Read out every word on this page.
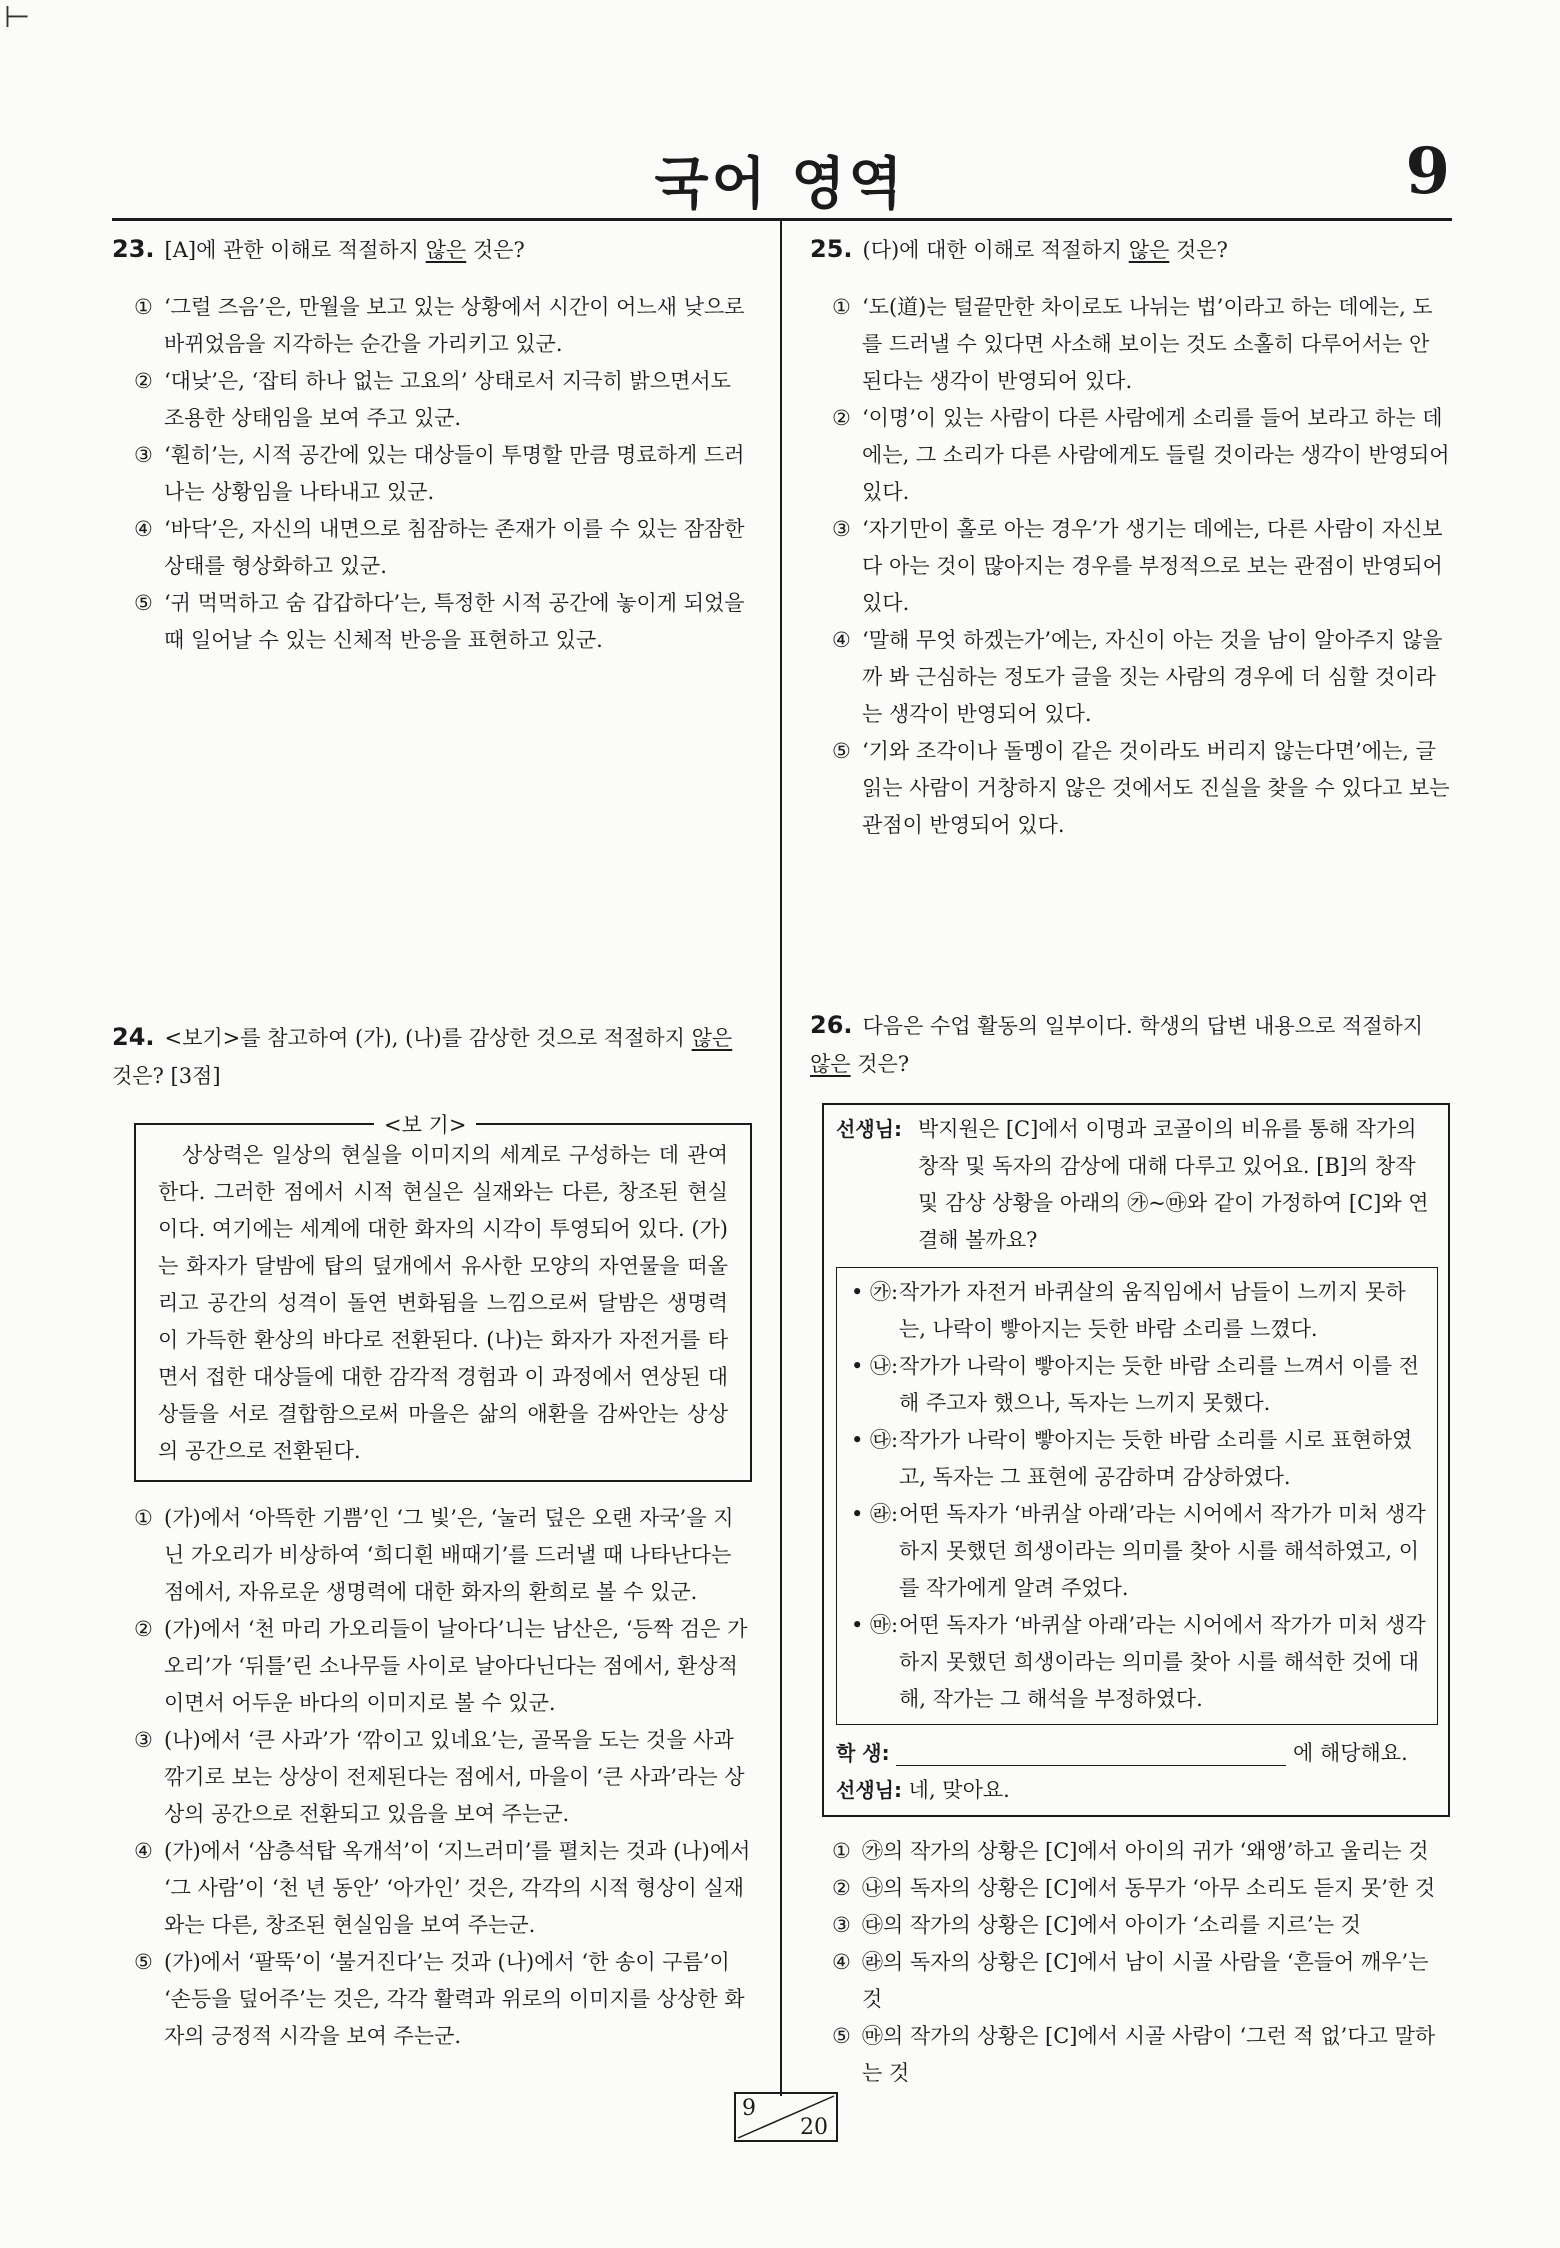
⊢
국어 영역	9
23. [A]에 관한 이해로 적절하지 않은 것은?

① ‘그럴 즈음’은, 만월을 보고 있는 상황에서 시간이 어느새 낮으로 바뀌었음을 지각하는 순간을 가리키고 있군.

② ‘대낮’은, ‘잡티 하나 없는 고요의’ 상태로서 지극히 밝으면서도 조용한 상태임을 보여 주고 있군.

③ ‘훤히’는, 시적 공간에 있는 대상들이 투명할 만큼 명료하게 드러나는 상황임을 나타내고 있군.

④ ‘바닥’은, 자신의 내면으로 침잠하는 존재가 이를 수 있는 잠잠한 상태를 형상화하고 있군.

⑤ ‘귀 먹먹하고 숨 갑갑하다’는, 특정한 시적 공간에 놓이게 되었을 때 일어날 수 있는 신체적 반응을 표현하고 있군.

24. <보기>를 참고하여 (가), (나)를 감상한 것으로 적절하지 않은 것은? [3점]
<보 기>

상상력은 일상의 현실을 이미지의 세계로 구성하는 데 관여한다. 그러한 점에서 시적 현실은 실재와는 다른, 창조된 현실이다. 여기에는 세계에 대한 화자의 시각이 투영되어 있다. (가)는 화자가 달밤에 탑의 덮개에서 유사한 모양의 자연물을 떠올리고 공간의 성격이 돌연 변화됨을 느낌으로써 달밤은 생명력이 가득한 환상의 바다로 전환된다. (나)는 화자가 자전거를 타면서 접한 대상들에 대한 감각적 경험과 이 과정에서 연상된 대상들을 서로 결합함으로써 마을은 삶의 애환을 감싸안는 상상의 공간으로 전환된다.

① (가)에서 ‘아뜩한 기쁨’인 ‘그 빛’은, ‘눌러 덮은 오랜 자국’을 지닌 가오리가 비상하여 ‘희디흰 배때기’를 드러낼 때 나타난다는 점에서, 자유로운 생명력에 대한 화자의 환희로 볼 수 있군.

② (가)에서 ‘천 마리 가오리들이 날아다’니는 남산은, ‘등짝 검은 가오리’가 ‘뒤틀’린 소나무들 사이로 날아다닌다는 점에서, 환상적이면서 어두운 바다의 이미지로 볼 수 있군.

③ (나)에서 ‘큰 사과’가 ‘깎이고 있네요’는, 골목을 도는 것을 사과 깎기로 보는 상상이 전제된다는 점에서, 마을이 ‘큰 사과’라는 상상의 공간으로 전환되고 있음을 보여 주는군.

④ (가)에서 ‘삼층석탑 옥개석’이 ‘지느러미’를 펼치는 것과 (나)에서 ‘그 사람’이 ‘천 년 동안’ ‘아가인’ 것은, 각각의 시적 형상이 실재와는 다른, 창조된 현실임을 보여 주는군.

⑤ (가)에서 ‘팔뚝’이 ‘불거진다’는 것과 (나)에서 ‘한 송이 구름’이 ‘손등을 덮어주’는 것은, 각각 활력과 위로의 이미지를 상상한 화자의 긍정적 시각을 보여 주는군.

25. (다)에 대한 이해로 적절하지 않은 것은?

① ‘도(道)는 털끝만한 차이로도 나뉘는 법’이라고 하는 데에는, 도를 드러낼 수 있다면 사소해 보이는 것도 소홀히 다루어서는 안 된다는 생각이 반영되어 있다.

② ‘이명’이 있는 사람이 다른 사람에게 소리를 들어 보라고 하는 데에는, 그 소리가 다른 사람에게도 들릴 것이라는 생각이 반영되어 있다.

③ ‘자기만이 홀로 아는 경우’가 생기는 데에는, 다른 사람이 자신보다 아는 것이 많아지는 경우를 부정적으로 보는 관점이 반영되어 있다.

④ ‘말해 무엇 하겠는가’에는, 자신이 아는 것을 남이 알아주지 않을까 봐 근심하는 정도가 글을 짓는 사람의 경우에 더 심할 것이라는 생각이 반영되어 있다.

⑤ ‘기와 조각이나 돌멩이 같은 것이라도 버리지 않는다면’에는, 글 읽는 사람이 거창하지 않은 것에서도 진실을 찾을 수 있다고 보는 관점이 반영되어 있다.

26. 다음은 수업 활동의 일부이다. 학생의 답변 내용으로 적절하지 않은 것은?
선생님: 박지원은 [C]에서 이명과 코골이의 비유를 통해 작가의 창작 및 독자의 감상에 대해 다루고 있어요. [B]의 창작 및 감상 상황을 아래의 ㉮~㉲와 같이 가정하여 [C]와 연결해 볼까요?
• ㉮: 작가가 자전거 바퀴살의 움직임에서 남들이 느끼지 못하는, 나락이 빻아지는 듯한 바람 소리를 느꼈다.
• ㉯: 작가가 나락이 빻아지는 듯한 바람 소리를 느껴서 이를 전해 주고자 했으나, 독자는 느끼지 못했다.
• ㉰: 작가가 나락이 빻아지는 듯한 바람 소리를 시로 표현하였고, 독자는 그 표현에 공감하며 감상하였다.
• ㉱: 어떤 독자가 ‘바퀴살 아래’라는 시어에서 작가가 미처 생각하지 못했던 희생이라는 의미를 찾아 시를 해석하였고, 이를 작가에게 알려 주었다.
• ㉲: 어떤 독자가 ‘바퀴살 아래’라는 시어에서 작가가 미처 생각하지 못했던 희생이라는 의미를 찾아 시를 해석한 것에 대해, 작가는 그 해석을 부정하였다.
학 생:	에 해당해요.
선생님: 네, 맞아요.

① ㉮의 작가의 상황은 [C]에서 아이의 귀가 ‘왜앵’하고 울리는 것

② ㉯의 독자의 상황은 [C]에서 동무가 ‘아무 소리도 듣지 못’한 것

③ ㉰의 작가의 상황은 [C]에서 아이가 ‘소리를 지르’는 것

④ ㉱의 독자의 상황은 [C]에서 남이 시골 사람을 ‘흔들어 깨우’는 것

⑤ ㉲의 작가의 상황은 [C]에서 시골 사람이 ‘그런 적 없’다고 말하는 것

9
20
